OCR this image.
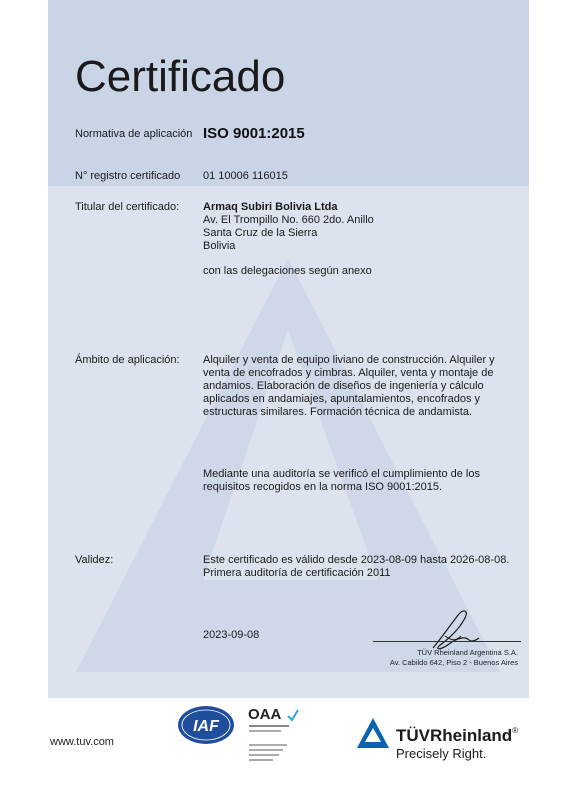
Certificado
Normativa de aplicación ISO 9001:2015
N° registro certificado 01 10006 116015
Titular del certificado: Armaq Subiri Bolivia Ltda
Av. El Trompillo No. 660 2do. Anillo
Santa Cruz de la Sierra
Bolivia
con las delegaciones según anexo
Ámbito de aplicación: Alquiler y venta de equipo liviano de construcción. Alquiler y
venta de encofrados y cimbras. Alquiler, venta y montaje de
andamios. Elaboración de diseños de ingeniería y cálculo
aplicados en andamiajes, apuntalamientos, encofrados y
estructuras similares. Formación técnica de andamista.
Mediante una auditoría se verificó el cumplimiento de los
requisitos recogidos en la norma ISO 9001:2015.
Validez:	Este certificado es válido desde 2023-08-09 hasta 2026-08-08.
Primera auditoría de certificación 2011
2023-09-08
TÜV Rheinland Argentina S.A.
Av. Cabildo 642, Piso 2 - Buenos Aires
www.tuv.com
IAF
OAA
TÜVRheinland®
Precisely Right.
